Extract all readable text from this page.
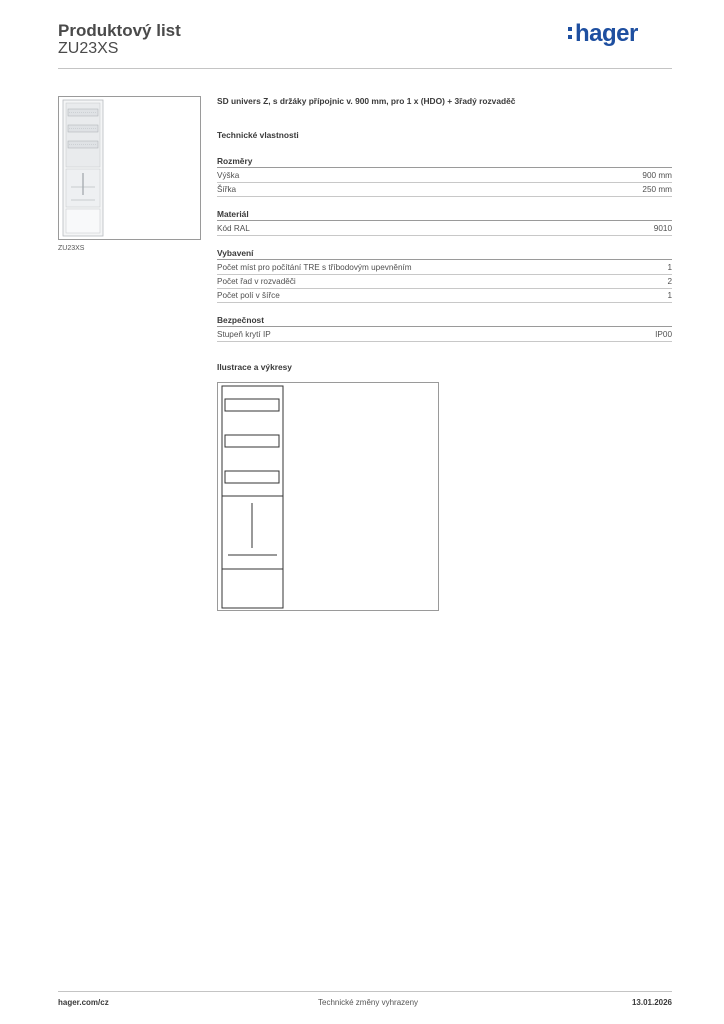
Produktový list
ZU23XS
hager
ZU23XS
SD univers Z, s držáky přípojnic v. 900 mm, pro 1 x (HDO) + 3řadý rozvaděč
Technické vlastnosti
Rozměry
Výška	900 mm
Šířka	250 mm
Materiál
Kód RAL	9010
Vybavení
Počet míst pro počítání TRE s tříbodovým upevněním	1
Počet řad v rozvaděči	2
Počet polí v šířce	1
Bezpečnost
Stupeň krytí IP	IP00
Ilustrace a výkresy
hager.com/cz	Technické změny vyhrazeny	13.01.2026
